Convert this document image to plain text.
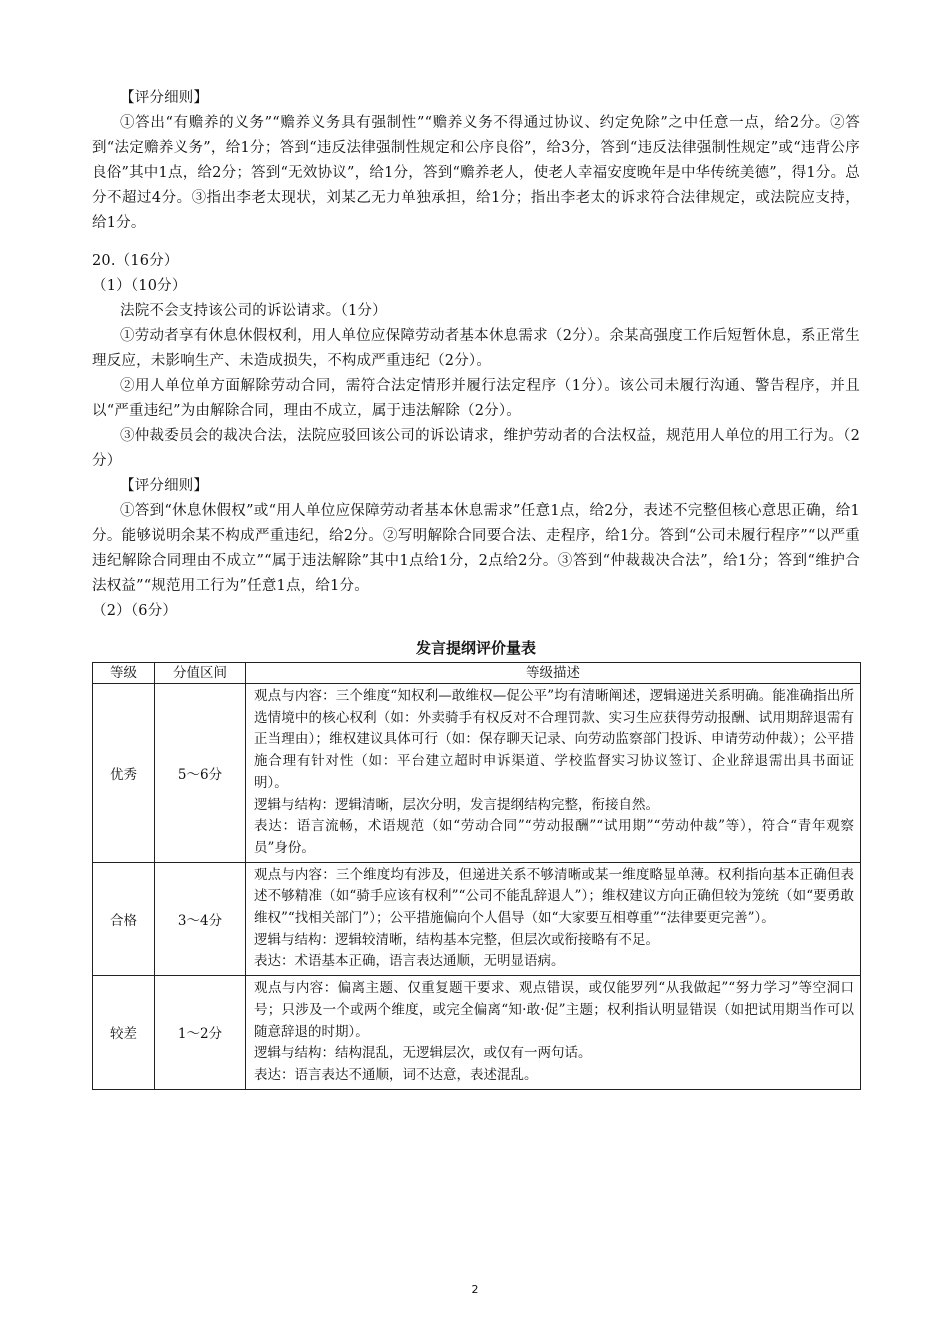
【评分细则】

①答出“有赡养的义务”“赡养义务具有强制性”“赡养义务不得通过协议、约定免除”之中任意一点，给2分。②答到“法定赡养义务”，给1分；答到“违反法律强制性规定和公序良俗”，给3分，答到“违反法律强制性规定”或“违背公序良俗”其中1点，给2分；答到“无效协议”，给1分，答到“赡养老人，使老人幸福安度晚年是中华传统美德”，得1分。总分不超过4分。③指出李老太现状，刘某乙无力单独承担，给1分；指出李老太的诉求符合法律规定，或法院应支持，给1分。

20.（16分）

（1）（10分）

法院不会支持该公司的诉讼请求。（1分）

①劳动者享有休息休假权利，用人单位应保障劳动者基本休息需求（2分）。余某高强度工作后短暂休息，系正常生理反应，未影响生产、未造成损失，不构成严重违纪（2分）。

②用人单位单方面解除劳动合同，需符合法定情形并履行法定程序（1分）。该公司未履行沟通、警告程序，并且以“严重违纪”为由解除合同，理由不成立，属于违法解除（2分）。

③仲裁委员会的裁决合法，法院应驳回该公司的诉讼请求，维护劳动者的合法权益，规范用人单位的用工行为。（2分）

【评分细则】

①答到“休息休假权”或“用人单位应保障劳动者基本休息需求”任意1点，给2分，表述不完整但核心意思正确，给1分。能够说明余某不构成严重违纪，给2分。②写明解除合同要合法、走程序，给1分。答到“公司未履行程序”“以严重违纪解除合同理由不成立”“属于违法解除”其中1点给1分，2点给2分。③答到“仲裁裁决合法”，给1分；答到“维护合法权益”“规范用工行为”任意1点，给1分。

（2）（6分）

发言提纲评价量表
等级	分值区间	等级描述
优秀	5～6分	观点与内容：三个维度“知权利—敢维权—促公平”均有清晰阐述，逻辑递进关系明确。能准确指出所选情境中的核心权利（如：外卖骑手有权反对不合理罚款、实习生应获得劳动报酬、试用期辞退需有正当理由）；维权建议具体可行（如：保存聊天记录、向劳动监察部门投诉、申请劳动仲裁）；公平措施合理有针对性（如：平台建立超时申诉渠道、学校监督实习协议签订、企业辞退需出具书面证明）。
逻辑与结构：逻辑清晰，层次分明，发言提纲结构完整，衔接自然。
表达：语言流畅，术语规范（如“劳动合同”“劳动报酬”“试用期”“劳动仲裁”等），符合“青年观察员”身份。

合格	3～4分	观点与内容：三个维度均有涉及，但递进关系不够清晰或某一维度略显单薄。权利指向基本正确但表述不够精准（如“骑手应该有权利”“公司不能乱辞退人”）；维权建议方向正确但较为笼统（如“要勇敢维权”“找相关部门”）；公平措施偏向个人倡导（如“大家要互相尊重”“法律要更完善”）。
逻辑与结构：逻辑较清晰，结构基本完整，但层次或衔接略有不足。
表达：术语基本正确，语言表达通顺，无明显语病。

较差	1～2分	观点与内容：偏离主题、仅重复题干要求、观点错误，或仅能罗列“从我做起”“努力学习”等空洞口号；只涉及一个或两个维度，或完全偏离“知·敢·促”主题；权利指认明显错误（如把试用期当作可以随意辞退的时期）。
逻辑与结构：结构混乱，无逻辑层次，或仅有一两句话。
表达：语言表达不通顺，词不达意，表述混乱。
2
